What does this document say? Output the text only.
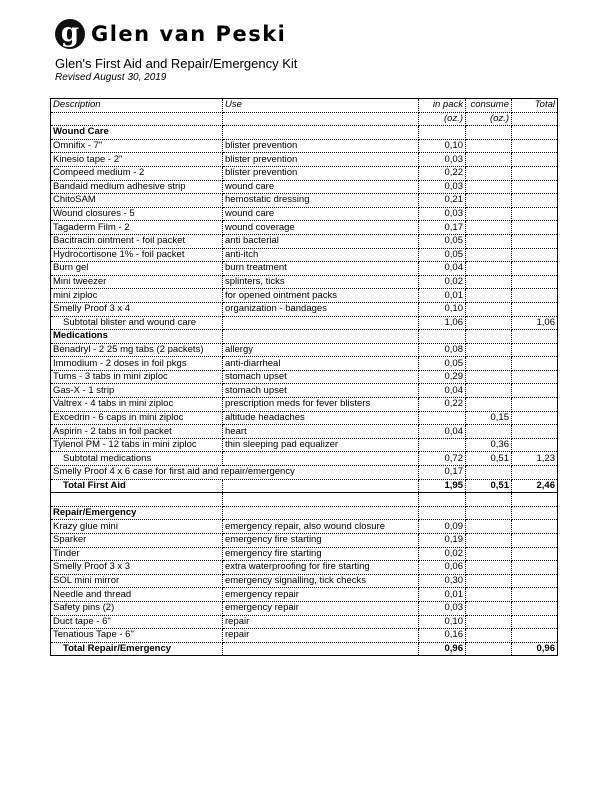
g Glen van Peski
Glen's First Aid and Repair/Emergency Kit
Revised August 30, 2019
Description	Use	in pack	consume	Total
		(oz.)	(oz.)	
Wound Care				
Omnifix - 7"	blister prevention	0,10		
Kinesio tape - 2"	blister prevention	0,03		
Compeed medium - 2	blister prevention	0,22		
Bandaid medium adhesive strip	wound care	0,03		
ChitoSAM	hemostatic dressing	0,21		
Wound closures - 5	wound care	0,03		
Tagaderm Film - 2	wound coverage	0,17		
Bacitracin ointment - foil packet	anti bacterial	0,05		
Hydrocortisone 1% - foil packet	anti-itch	0,05		
Burn gel	burn treatment	0,04		
Mini tweezer	splinters, ticks	0,02		
mini ziploc	for opened ointment packs	0,01		
Smelly Proof 3 x 4	organization - bandages	0,10		
Subtotal blister and wound care		1,06		1,06
Medications				
Benadryl - 2 25 mg tabs (2 packets)	allergy	0,08		
Immodium - 2 doses in foil pkgs	anti-diarrheal	0,05		
Tums - 3 tabs in mini ziploc	stomach upset	0,29		
Gas-X - 1 strip	stomach upset	0,04		
Valtrex - 4 tabs in mini ziploc	prescription meds for fever blisters	0,22		
Excedrin - 6 caps in mini ziploc	altitude headaches		0,15	
Aspirin - 2 tabs in foil packet	heart	0,04		
Tylenol PM - 12 tabs in mini ziploc	thin sleeping pad equalizer		0,36	
Subtotal medications		0,72	0,51	1,23
Smelly Proof 4 x 6 case for first aid and repair/emergency		0,17		
Total First Aid		1,95	0,51	2,46

Repair/Emergency				
Krazy glue mini	emergency repair, also wound closure	0,09		
Sparker	emergency fire starting	0,19		
Tinder	emergency fire starting	0,02		
Smelly Proof 3 x 3	extra waterproofing for fire starting	0,06		
SOL mini mirror	emergency signalling, tick checks	0,30		
Needle and thread	emergency repair	0,01		
Safety pins (2)	emergency repair	0,03		
Duct tape - 6"	repair	0,10		
Tenatious Tape - 6"	repair	0,16		
Total Repair/Emergency		0,96		0,96
